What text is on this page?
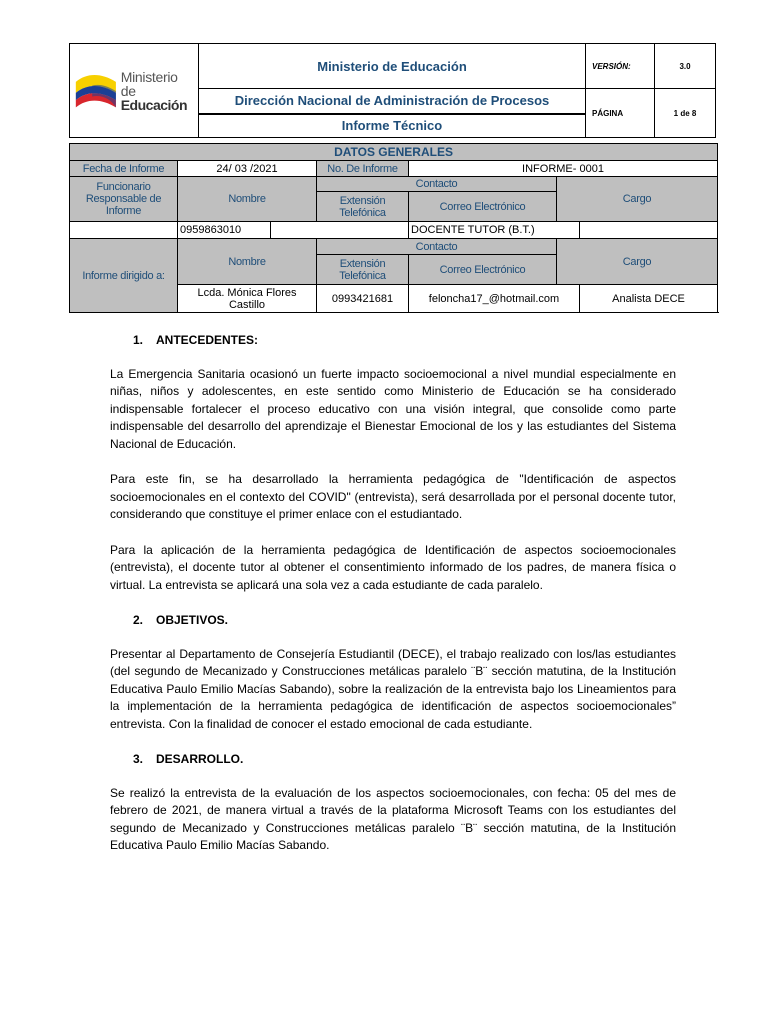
Ministerio
de Educación	Ministerio de Educación	VERSIÓN:	3.0
	Dirección Nacional de Administración de Procesos	PÁGINA	1 de 8
	Informe Técnico		
DATOS GENERALES						
Fecha de Informe	24/ 03 /2021		No. De Informe	INFORME- 0001		
Funcionario Responsable de Informe	Nombre		Contacto		Cargo	
			Extensión Telefónica	Correo Electrónico		
	0959863010			DOCENTE TUTOR (B.T.)		
Informe dirigido a:	Nombre		Contacto		Cargo	
			Extensión Telefónica	Correo Electrónico		
	Lcda. Mónica Flores Castillo		0993421681	feloncha17_@hotmail.com		Analista DECE
1.	ANTECEDENTES:

La Emergencia Sanitaria ocasionó un fuerte impacto socioemocional a nivel mundial especialmente en niñas, niños y adolescentes, en este sentido como Ministerio de Educación se ha considerado indispensable fortalecer el proceso educativo con una visión integral, que consolide como parte indispensable del desarrollo del aprendizaje el Bienestar Emocional de los y las estudiantes del Sistema Nacional de Educación.

Para este fin, se ha desarrollado la herramienta pedagógica de "Identificación de aspectos socioemocionales en el contexto del COVID" (entrevista), será desarrollada por el personal docente tutor, considerando que constituye el primer enlace con el estudiantado.

Para la aplicación de la herramienta pedagógica de Identificación de aspectos socioemocionales (entrevista), el docente tutor al obtener el consentimiento informado de los padres, de manera física o virtual. La entrevista se aplicará una sola vez a cada estudiante de cada paralelo.

2.	OBJETIVOS.

Presentar al Departamento de Consejería Estudiantil (DECE), el trabajo realizado con los/las estudiantes (del segundo de Mecanizado y Construcciones metálicas paralelo ¨B¨ sección matutina, de la Institución Educativa Paulo Emilio Macías Sabando), sobre la realización de la entrevista bajo los Lineamientos para la implementación de la herramienta pedagógica de identificación de aspectos socioemocionales” entrevista. Con la finalidad de conocer el estado emocional de cada estudiante.

3.	DESARROLLO.

Se realizó la entrevista de la evaluación de los aspectos socioemocionales, con fecha: 05 del mes de febrero de 2021, de manera virtual a través de la plataforma Microsoft Teams con los estudiantes del segundo de Mecanizado y Construcciones metálicas paralelo ¨B¨ sección matutina, de la Institución Educativa Paulo Emilio Macías Sabando.
